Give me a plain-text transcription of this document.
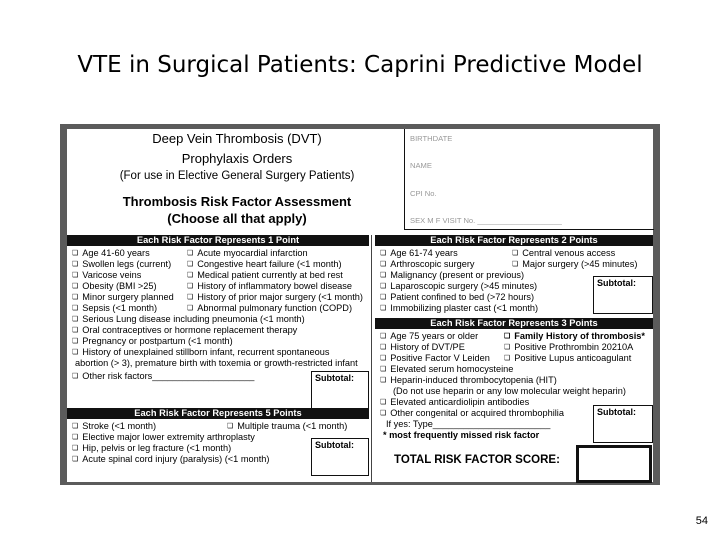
VTE in Surgical Patients: Caprini Predictive Model
Deep Vein Thrombosis (DVT)
Prophylaxis Orders
(For use in Elective General Surgery Patients)
Thrombosis Risk Factor Assessment
(Choose all that apply)
BIRTHDATE
NAME
CPI No.
SEX M F VISIT No. ____________________
Each Risk Factor Represents 1 Point
❏ Age 41-60 years
❏ Swollen legs (current)
❏ Varicose veins
❏ Obesity (BMI >25)
❏ Minor surgery planned
❏ Sepsis (<1 month)
❏ Acute myocardial infarction
❏ Congestive heart failure (<1 month)
❏ Medical patient currently at bed rest
❏ History of inflammatory bowel disease
❏ History of prior major surgery (<1 month)
❏ Abnormal pulmonary function (COPD)
❏ Serious Lung disease including pneumonia (<1 month)
❏ Oral contraceptives or hormone replacement therapy
❏ Pregnancy or postpartum (<1 month)
❏ History of unexplained stillborn infant, recurrent spontaneous
abortion (> 3), premature birth with toxemia or growth-restricted infant
❏ Other risk factors____________________	Subtotal:
Each Risk Factor Represents 5 Points
❏ Stroke (<1 month)
❏ Elective major lower extremity arthroplasty
❏ Hip, pelvis or leg fracture (<1 month)
❏ Acute spinal cord injury (paralysis) (<1 month)
❏ Multiple trauma (<1 month)
Subtotal:
Each Risk Factor Represents 2 Points
❏ Age 61-74 years
❏ Arthroscopic surgery
❏ Malignancy (present or previous)
❏ Laparoscopic surgery (>45 minutes)
❏ Patient confined to bed (>72 hours)
❏ Immobilizing plaster cast (<1 month)
❏ Central venous access
❏ Major surgery (>45 minutes)
Subtotal:
Each Risk Factor Represents 3 Points
❏ Age 75 years or older
❏ History of DVT/PE
❏ Positive Factor V Leiden
❏ Family History of thrombosis*
❏ Positive Prothrombin 20210A
❏ Positive Lupus anticoagulant
❏ Elevated serum homocysteine
❏ Heparin-induced thrombocytopenia (HIT)
(Do not use heparin or any low molecular weight heparin)
❏ Elevated anticardiolipin antibodies
❏ Other congenital or acquired thrombophilia
If yes: Type_______________________
* most frequently missed risk factor
Subtotal:
TOTAL RISK FACTOR SCORE:
54
